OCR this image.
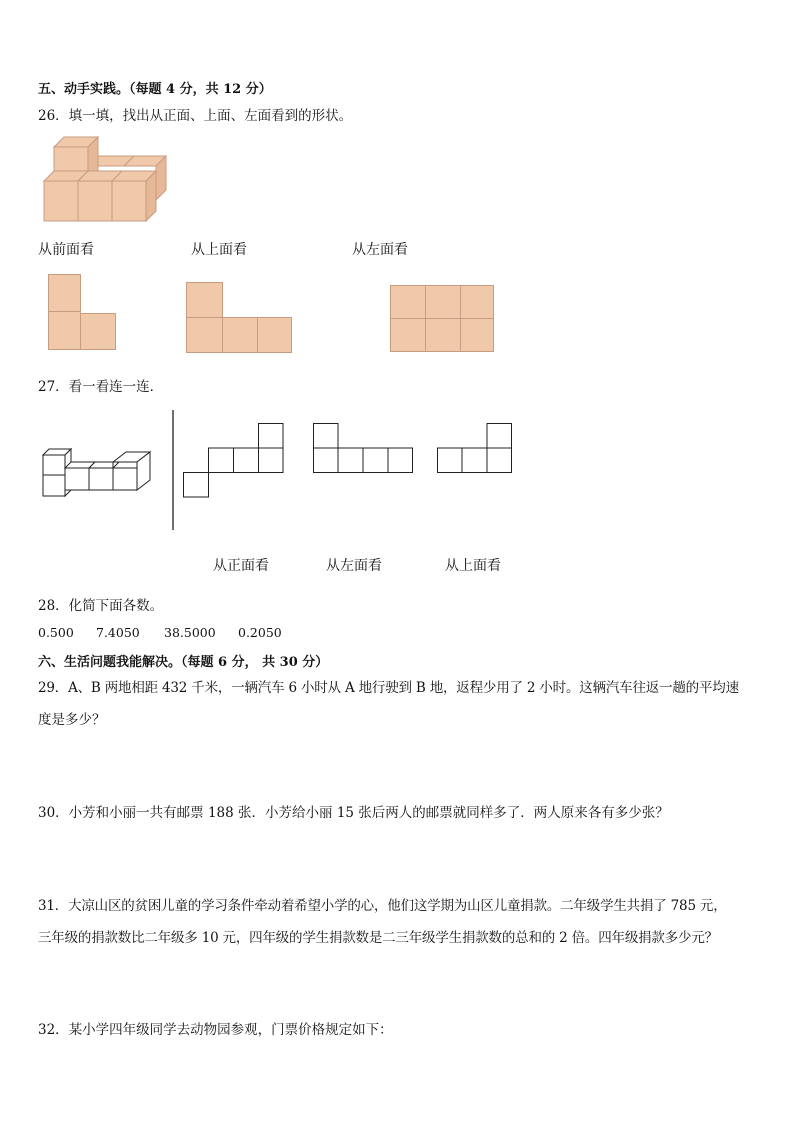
五、动手实践。（每题 4 分，共 12 分）
26．填一填，找出从正面、上面、左面看到的形状。
从前面看	从上面看	从左面看
27．看一看连一连．
从正面看	从左面看	从上面看
28．化简下面各数。
0.500 7.4050 38.5000 0.2050
六、生活问题我能解决。（每题 6 分， 共 30 分）
29．A、B 两地相距 432 千米，一辆汽车 6 小时从 A 地行驶到 B 地，返程少用了 2 小时。这辆汽车往返一趟的平均速
度是多少？
30．小芳和小丽一共有邮票 188 张．小芳给小丽 15 张后两人的邮票就同样多了．两人原来各有多少张？
31．大凉山区的贫困儿童的学习条件牵动着希望小学的心，他们这学期为山区儿童捐款。二年级学生共捐了 785 元，
三年级的捐款数比二年级多 10 元，四年级的学生捐款数是二三年级学生捐款数的总和的 2 倍。四年级捐款多少元？
32．某小学四年级同学去动物园参观，门票价格规定如下：
